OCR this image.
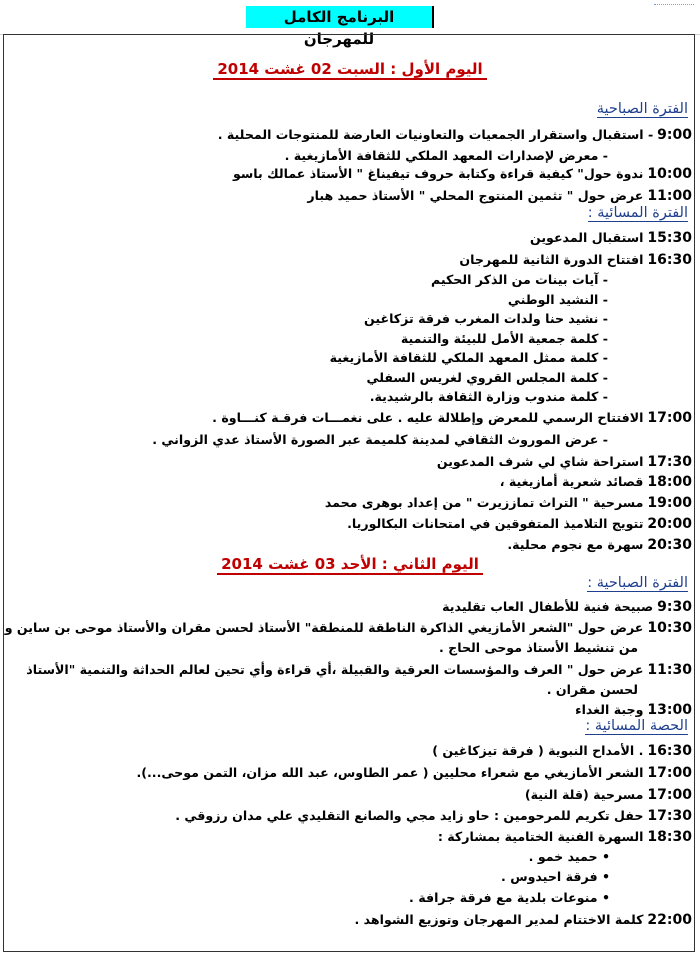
البرنامج الكامل للمهرجان
اليوم الأول : السبت 02 غشت 2014
الفترة الصباحية
9:00- استقبال واستقرار الجمعيات والتعاونيات العارضة للمنتوجات المحلية .
- معرض لإصدارات المعهد الملكي للثقافة الأمازيغية .
10:00ندوة حول" كيفية قراءة وكتابة حروف تيفيناغ " الأستاذ عمالك باسو
11:00عرض حول " تثمين المنتوج المحلي " الأستاذ حميد هبار
الفترة المسائية :
15:30استقبال المدعوين
16:30افتتاح الدورة الثانية للمهرجان
- آيات بينات من الذكر الحكيم
- النشيد الوطني
- نشيد حنا ولدات المغرب فرقة تزكاغين
- كلمة جمعية الأمل للبيئة والتنمية
- كلمة ممثل المعهد الملكي للثقافة الأمازيغية
- كلمة المجلس القروي لغريس السفلي
- كلمة مندوب وزارة الثقافة بالرشيدية.
17:00الافتتاح الرسمي للمعرض وإطلالة عليه . على نغمـــات فرقـة كنـــاوة .
- عرض الموروث الثقافي لمدينة كلميمة عبر الصورة الأستاذ عدي الزواني .
17:30استراحة شاي لي شرف المدعوين
18:00قصائد شعرية أمازيغية ،
19:00مسرحية " التراث تماززيرت " من إعداد بوهرى محمد
20:00تتويج التلاميذ المتفوقين في امتحانات البكالوريا.
20:30سهرة مع نجوم محلية.
اليوم الثاني : الأحد 03 غشت 2014
الفترة الصباحية :
9:30صبيحة فنية للأطفال العاب تقليدية
10:30عرض حول "الشعر الأمازيغي الذاكرة الناطقة للمنطقة" الأستاذ لحسن مقران والأستاذ موحى بن ساين و
من تنشيط الأستاذ موحى الحاج .
11:30عرض حول " العرف والمؤسسات العرقية والقبيلة ،أي قراءة وأي تحين لعالم الحداثة والتنمية "الأستاذ
لحسن مقران .
13:00وجبة الغداء
الحصة المسائية :
16:30. الأمداح النبوية ( فرقة تيزكاغين )
17:00الشعر الأمازيغي مع شعراء محليين ( عمر الطاوس، عبد الله مزان، التمن موحى...).
17:00مسرحية (قلة النية)
17:30حفل تكريم للمرحومين : حاو زايد مجي والصانع التقليدي علي مدان رزوقي .
18:30السهرة الفنية الختامية بمشاركة :
• حميد خمو .
• فرقة احيدوس .
• منوعات بلدية مع فرقة جرافة .
22:00كلمة الاختتام لمدير المهرجان وتوزيع الشواهد .
